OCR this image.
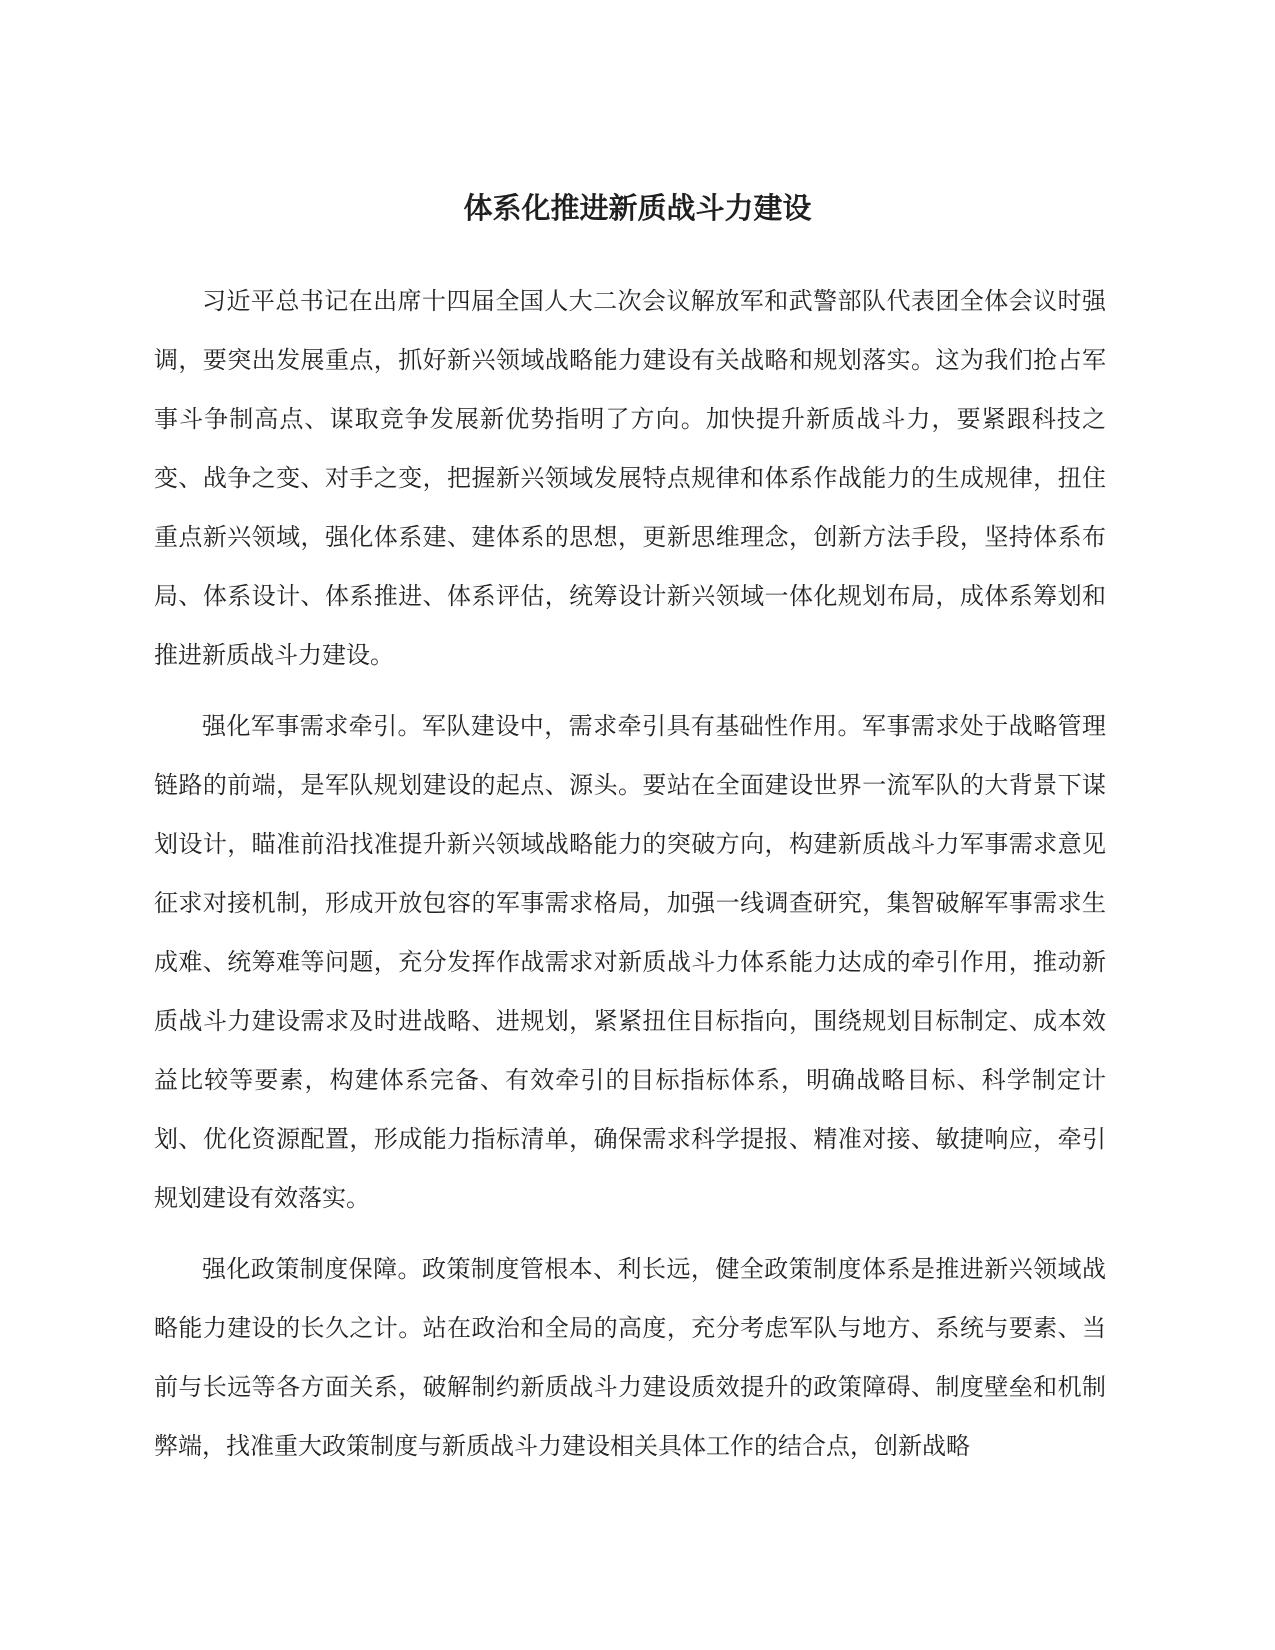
体系化推进新质战斗力建设

习近平总书记在出席十四届全国人大二次会议解放军和武警部队代表团全体会议时强调，要突出发展重点，抓好新兴领域战略能力建设有关战略和规划落实。这为我们抢占军事斗争制高点、谋取竞争发展新优势指明了方向。加快提升新质战斗力，要紧跟科技之变、战争之变、对手之变，把握新兴领域发展特点规律和体系作战能力的生成规律，扭住重点新兴领域，强化体系建、建体系的思想，更新思维理念，创新方法手段，坚持体系布局、体系设计、体系推进、体系评估，统筹设计新兴领域一体化规划布局，成体系筹划和推进新质战斗力建设。

强化军事需求牵引。军队建设中，需求牵引具有基础性作用。军事需求处于战略管理链路的前端，是军队规划建设的起点、源头。要站在全面建设世界一流军队的大背景下谋划设计，瞄准前沿找准提升新兴领域战略能力的突破方向，构建新质战斗力军事需求意见征求对接机制，形成开放包容的军事需求格局，加强一线调查研究，集智破解军事需求生成难、统筹难等问题，充分发挥作战需求对新质战斗力体系能力达成的牵引作用，推动新质战斗力建设需求及时进战略、进规划，紧紧扭住目标指向，围绕规划目标制定、成本效益比较等要素，构建体系完备、有效牵引的目标指标体系，明确战略目标、科学制定计划、优化资源配置，形成能力指标清单，确保需求科学提报、精准对接、敏捷响应，牵引规划建设有效落实。

强化政策制度保障。政策制度管根本、利长远，健全政策制度体系是推进新兴领域战略能力建设的长久之计。站在政治和全局的高度，充分考虑军队与地方、系统与要素、当前与长远等各方面关系，破解制约新质战斗力建设质效提升的政策障碍、制度壁垒和机制弊端，找准重大政策制度与新质战斗力建设相关具体工作的结合点，创新战略
